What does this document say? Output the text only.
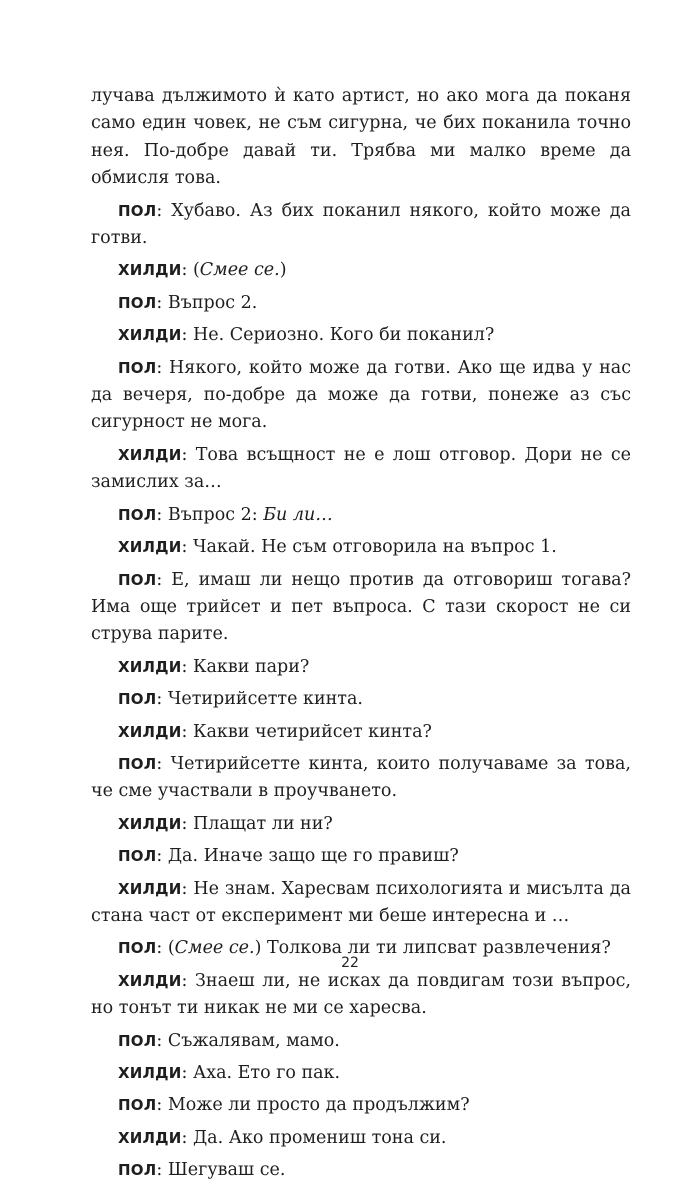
лучава дължимото ѝ като артист, но ако мога да поканя само един човек, не съм сигурна, че бих поканила точно нея. По-добре давай ти. Трябва ми малко време да обмисля това.

ПОЛ: Хубаво. Аз бих поканил някого, който може да готви.

ХИЛДИ: (Смее се.)

ПОЛ: Въпрос 2.

ХИЛДИ: Не. Сериозно. Кого би поканил?

ПОЛ: Някого, който може да готви. Ако ще идва у нас да вечеря, по-добре да може да готви, понеже аз със сигурност не мога.

ХИЛДИ: Това всъщност не е лош отговор. Дори не се замислих за…

ПОЛ: Въпрос 2: Би ли…

ХИЛДИ: Чакай. Не съм отговорила на въпрос 1.

ПОЛ: Е, имаш ли нещо против да отговориш тогава? Има още трийсет и пет въпроса. С тази скорост не си струва парите.

ХИЛДИ: Какви пари?

ПОЛ: Четирийсетте кинта.

ХИЛДИ: Какви четирийсет кинта?

ПОЛ: Четирийсетте кинта, които получаваме за това, че сме участвали в проучването.

ХИЛДИ: Плащат ли ни?

ПОЛ: Да. Иначе защо ще го правиш?

ХИЛДИ: Не знам. Харесвам психологията и мисълта да стана част от експеримент ми беше интересна и …

ПОЛ: (Смее се.) Толкова ли ти липсват развлечения?

ХИЛДИ: Знаеш ли, не исках да повдигам този въпрос, но тонът ти никак не ми се харесва.

ПОЛ: Съжалявам, мамо.

ХИЛДИ: Аха. Ето го пак.

ПОЛ: Може ли просто да продължим?

ХИЛДИ: Да. Ако промениш тона си.

ПОЛ: Шегуваш се.

22
